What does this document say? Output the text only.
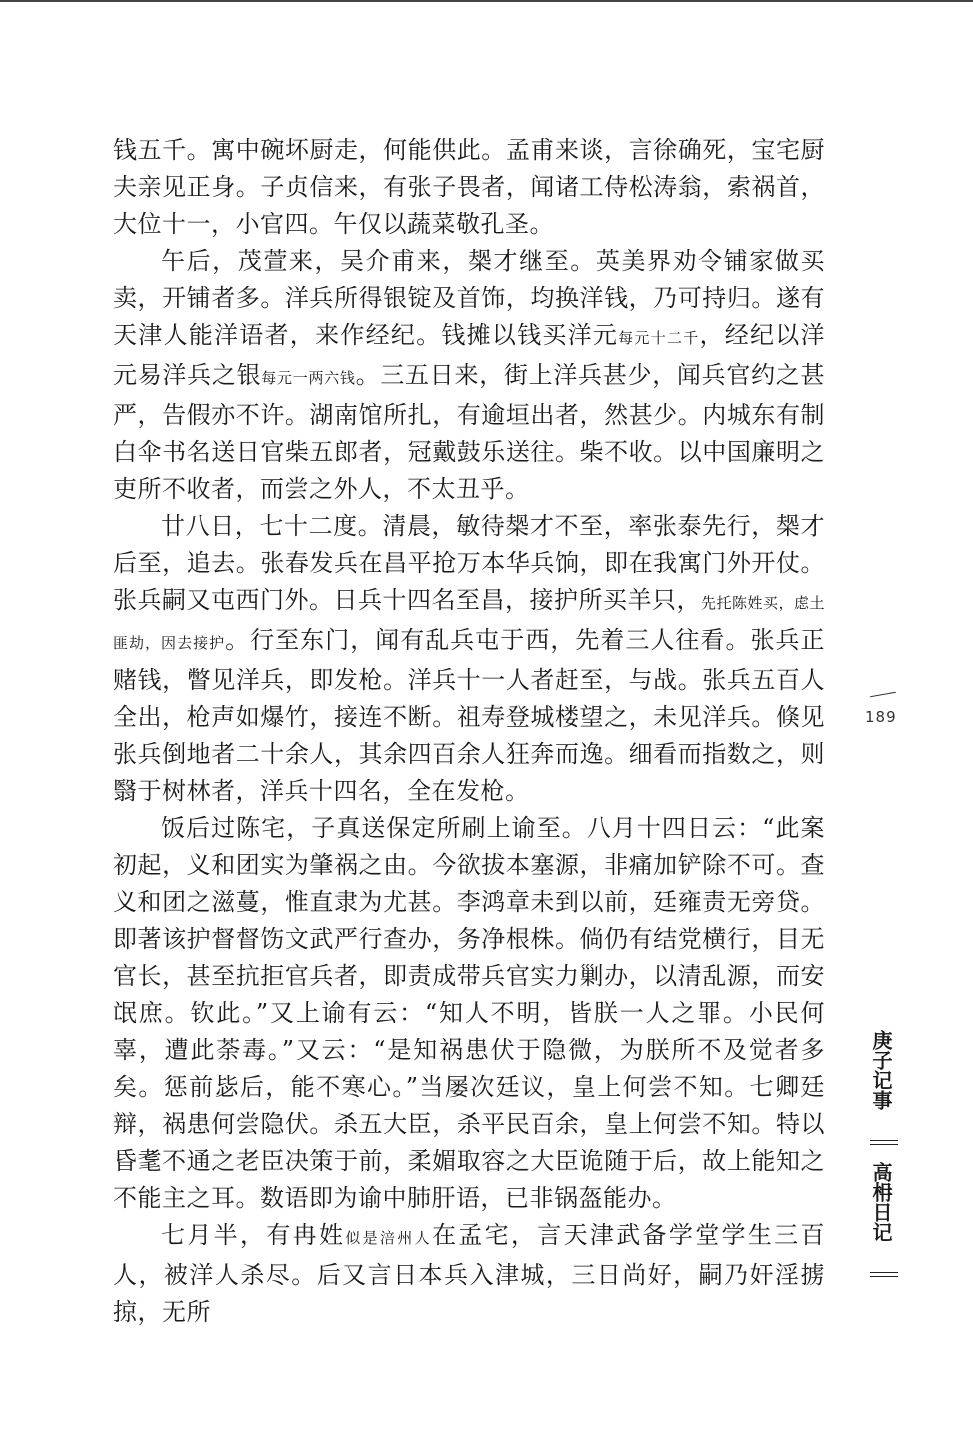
钱五千。寓中碗坏厨走，何能供此。孟甫来谈，言徐确死，宝宅厨夫亲见正身。子贞信来，有张子畏者，闻诸工侍松涛翁，索祸首，大位十一，小官四。午仅以蔬菜敬孔圣。

午后，茂萱来，吴介甫来，椝才继至。英美界劝令铺家做买卖，开铺者多。洋兵所得银锭及首饰，均换洋钱，乃可持归。遂有天津人能洋语者，来作经纪。钱摊以钱买洋元每元十二千，经纪以洋元易洋兵之银每元一两六钱。三五日来，街上洋兵甚少，闻兵官约之甚严，告假亦不许。湖南馆所扎，有逾垣出者，然甚少。内城东有制白伞书名送日官柴五郎者，冠戴鼓乐送往。柴不收。以中国廉明之吏所不收者，而尝之外人，不太丑乎。

廿八日，七十二度。清晨，敏待椝才不至，率张泰先行，椝才后至，追去。张春发兵在昌平抢万本华兵饷，即在我寓门外开仗。张兵嗣又屯西门外。日兵十四名至昌，接护所买羊只，先托陈姓买，虑土匪劫，因去接护。行至东门，闻有乱兵屯于西，先着三人往看。张兵正赌钱，瞥见洋兵，即发枪。洋兵十一人者赶至，与战。张兵五百人全出，枪声如爆竹，接连不断。祖寿登城楼望之，未见洋兵。倏见张兵倒地者二十余人，其余四百余人狂奔而逸。细看而指数之，则翳于树林者，洋兵十四名，全在发枪。

饭后过陈宅，子真送保定所刷上谕至。八月十四日云：“此案初起，义和团实为肇祸之由。今欲拔本塞源，非痛加铲除不可。查义和团之滋蔓，惟直隶为尤甚。李鸿章未到以前，廷雍责无旁贷。即著该护督督饬文武严行查办，务净根株。倘仍有结党横行，目无官长，甚至抗拒官兵者，即责成带兵官实力剿办，以清乱源，而安氓庶。钦此。”又上谕有云：“知人不明，皆朕一人之罪。小民何辜，遭此荼毒。”又云：“是知祸患伏于隐微，为朕所不及觉者多矣。惩前毖后，能不寒心。”当屡次廷议，皇上何尝不知。七卿廷辩，祸患何尝隐伏。杀五大臣，杀平民百余，皇上何尝不知。特以昏耄不通之老臣决策于前，柔媚取容之大臣诡随于后，故上能知之不能主之耳。数语即为谕中肺肝语，已非锅盔能办。

七月半，有冉姓似是涪州人在孟宅，言天津武备学堂学生三百人，被洋人杀尽。后又言日本兵入津城，三日尚好，嗣乃奸淫掳掠，无所

189
庚子记事
高枏日记
